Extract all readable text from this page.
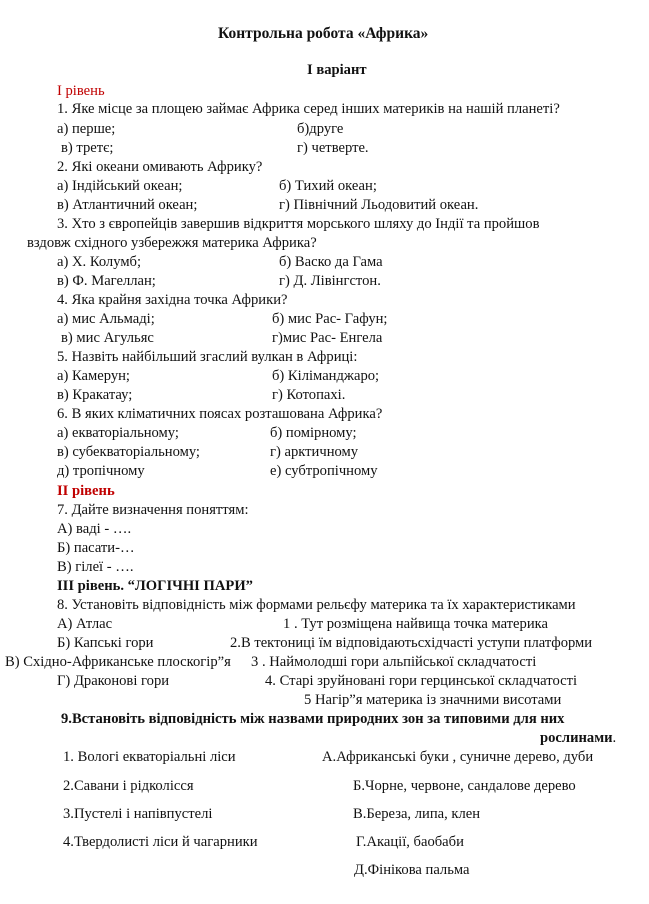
Контрольна робота «Африка»
І варіант
І рівень
1. Яке місце за площею займає Африка серед інших материків на нашій планеті?
а) перше;	б)друге
в) третє;	г) четверте.
2. Які океани омивають Африку?
а) Індійський океан;	б) Тихий океан;
в) Атлантичний океан;	г) Північний Льодовитий океан.
3. Хто з європейців завершив відкриття морського шляху до Індії та пройшов
вздовж східного узбережжя материка Африка?
а) Х. Колумб;	б) Васко да Гама
в) Ф. Магеллан;	г) Д. Лівінгстон.
4. Яка крайня західна точка Африки?
а) мис Альмаді;	б) мис Рас- Гафун;
в) мис Агульяс	г)мис Рас- Енгела
5. Назвіть найбільший згаслий вулкан в Африці:
а) Камерун;	б) Кіліманджаро;
в) Кракатау;	г) Котопахі.
6. В яких кліматичних поясах розташована Африка?
а) екваторіальному;	б) помірному;
в) субекваторіальному;	г) арктичному
д) тропічному	е) субтропічному
ІІ рівень
7. Дайте визначення поняттям:
А) ваді - ….
Б) пасати-…
В) гілеї - ….
ІІІ рівень. “ЛОГІЧНІ ПАРИ”
8. Установіть відповідність між формами рельєфу материка та їх характеристиками
А) Атлас	1 . Тут розміщена найвища точка материка
Б) Капські гори	2.В тектониці їм відповідаютьсхідчасті уступи платформи
В) Східно-Африканське плоскогір”я 3 . Наймолодші гори альпійської складчатості
Г) Драконові гори	4. Старі зруйновані гори герцинської складчатості
5 Нагір”я материка із значними висотами
9.Встановіть відповідність між назвами природних зон за типовими для них
рослинами.
1. Вологі екваторіальні ліси	А.Африканські буки , суничне дерево, дуби
2.Савани і рідколісся	Б.Чорне, червоне, сандалове дерево
3.Пустелі і напівпустелі	В.Береза, липа, клен
4.Твердолисті ліси й чагарники	Г.Акації, баобаби
Д.Фінікова пальма
